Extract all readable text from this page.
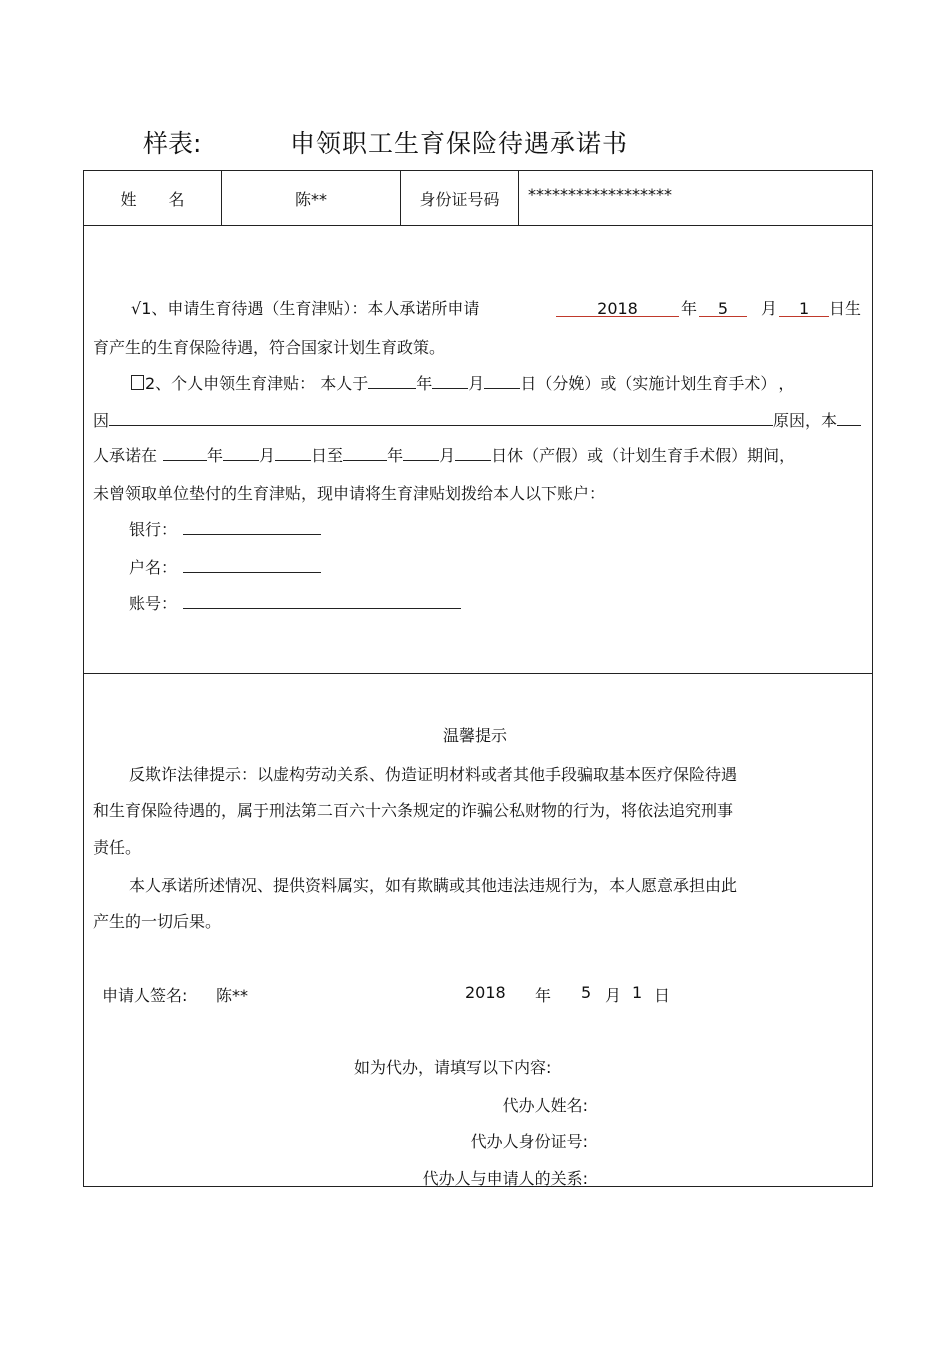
样表:	申领职工生育保险待遇承诺书
姓　　名	陈**	身份证号码	******************
√1、申请生育待遇（生育津贴）：本人承诺所申请	2018	年 5 月 1 日生
育产生的生育保险待遇，符合国家计划生育政策。
2、个人申领生育津贴： 本人于	年 月 日（分娩）或（实施计划生育手术） ，
因	原因，本
人承诺在	年 月 日至	年 月 日休（产假）或（计划生育手术假）期间，
未曾领取单位垫付的生育津贴，现申请将生育津贴划拨给本人以下账户：
银行：
户名：
账号：
温馨提示
反欺诈法律提示：以虚构劳动关系、伪造证明材料或者其他手段骗取基本医疗保险待遇
和生育保险待遇的，属于刑法第二百六十六条规定的诈骗公私财物的行为，将依法追究刑事
责任。
本人承诺所述情况、提供资料属实，如有欺瞒或其他违法违规行为，本人愿意承担由此
产生的一切后果。
申请人签名: 陈**	2018 年 5 月 1 日
如为代办，请填写以下内容:
代办人姓名:
代办人身份证号:
代办人与申请人的关系:
